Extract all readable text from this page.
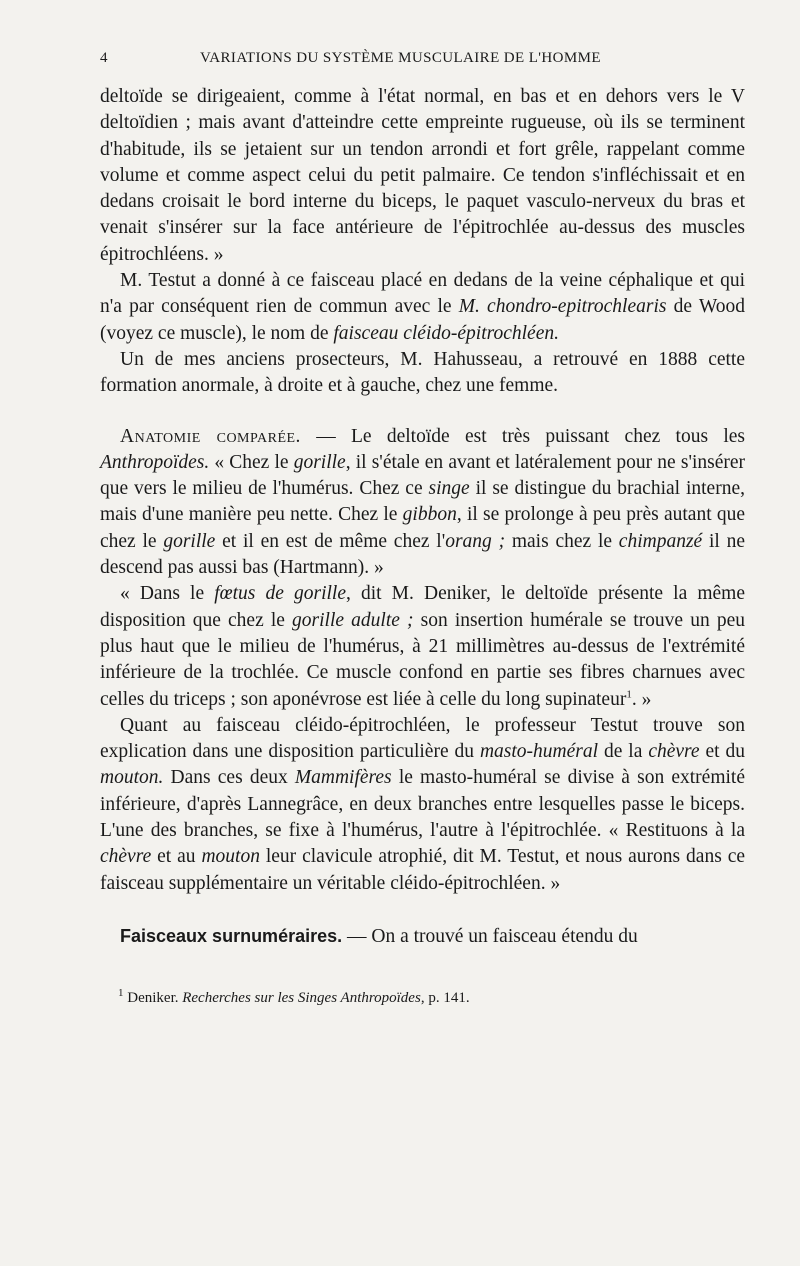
4	VARIATIONS DU SYSTÈME MUSCULAIRE DE L'HOMME

deltoïde se dirigeaient, comme à l'état normal, en bas et en dehors vers le V deltoïdien ; mais avant d'atteindre cette empreinte rugueuse, où ils se terminent d'habitude, ils se jetaient sur un tendon arrondi et fort grêle, rappelant comme volume et comme aspect celui du petit palmaire. Ce tendon s'infléchissait et en dedans croisait le bord interne du biceps, le paquet vasculo-nerveux du bras et venait s'insérer sur la face antérieure de l'épitrochlée au-dessus des muscles épitrochléens. »

M. Testut a donné à ce faisceau placé en dedans de la veine céphalique et qui n'a par conséquent rien de commun avec le M. chondro-epitrochlearis de Wood (voyez ce muscle), le nom de faisceau cléido-épitrochléen.

Un de mes anciens prosecteurs, M. Hahusseau, a retrouvé en 1888 cette formation anormale, à droite et à gauche, chez une femme.

Anatomie comparée. — Le deltoïde est très puissant chez tous les Anthropoïdes. « Chez le gorille, il s'étale en avant et latéralement pour ne s'insérer que vers le milieu de l'humérus. Chez ce singe il se distingue du brachial interne, mais d'une manière peu nette. Chez le gibbon, il se prolonge à peu près autant que chez le gorille et il en est de même chez l'orang ; mais chez le chimpanzé il ne descend pas aussi bas (Hartmann). »

« Dans le fœtus de gorille, dit M. Deniker, le deltoïde présente la même disposition que chez le gorille adulte ; son insertion humérale se trouve un peu plus haut que le milieu de l'humérus, à 21 millimètres au-dessus de l'extrémité inférieure de la trochlée. Ce muscle confond en partie ses fibres charnues avec celles du triceps ; son aponévrose est liée à celle du long supinateur$^1$. »

Quant au faisceau cléido-épitrochléen, le professeur Testut trouve son explication dans une disposition particulière du masto-huméral de la chèvre et du mouton. Dans ces deux Mammifères le masto-huméral se divise à son extrémité inférieure, d'après Lannegrâce, en deux branches entre lesquelles passe le biceps. L'une des branches, se fixe à l'humérus, l'autre à l'épitrochlée. « Restituons à la chèvre et au mouton leur clavicule atrophié, dit M. Testut, et nous aurons dans ce faisceau supplémentaire un véritable cléido-épitrochléen. »

Faisceaux surnuméraires. — On a trouvé un faisceau étendu du

$^1$ Deniker. Recherches sur les Singes Anthropoïdes, p. 141.
